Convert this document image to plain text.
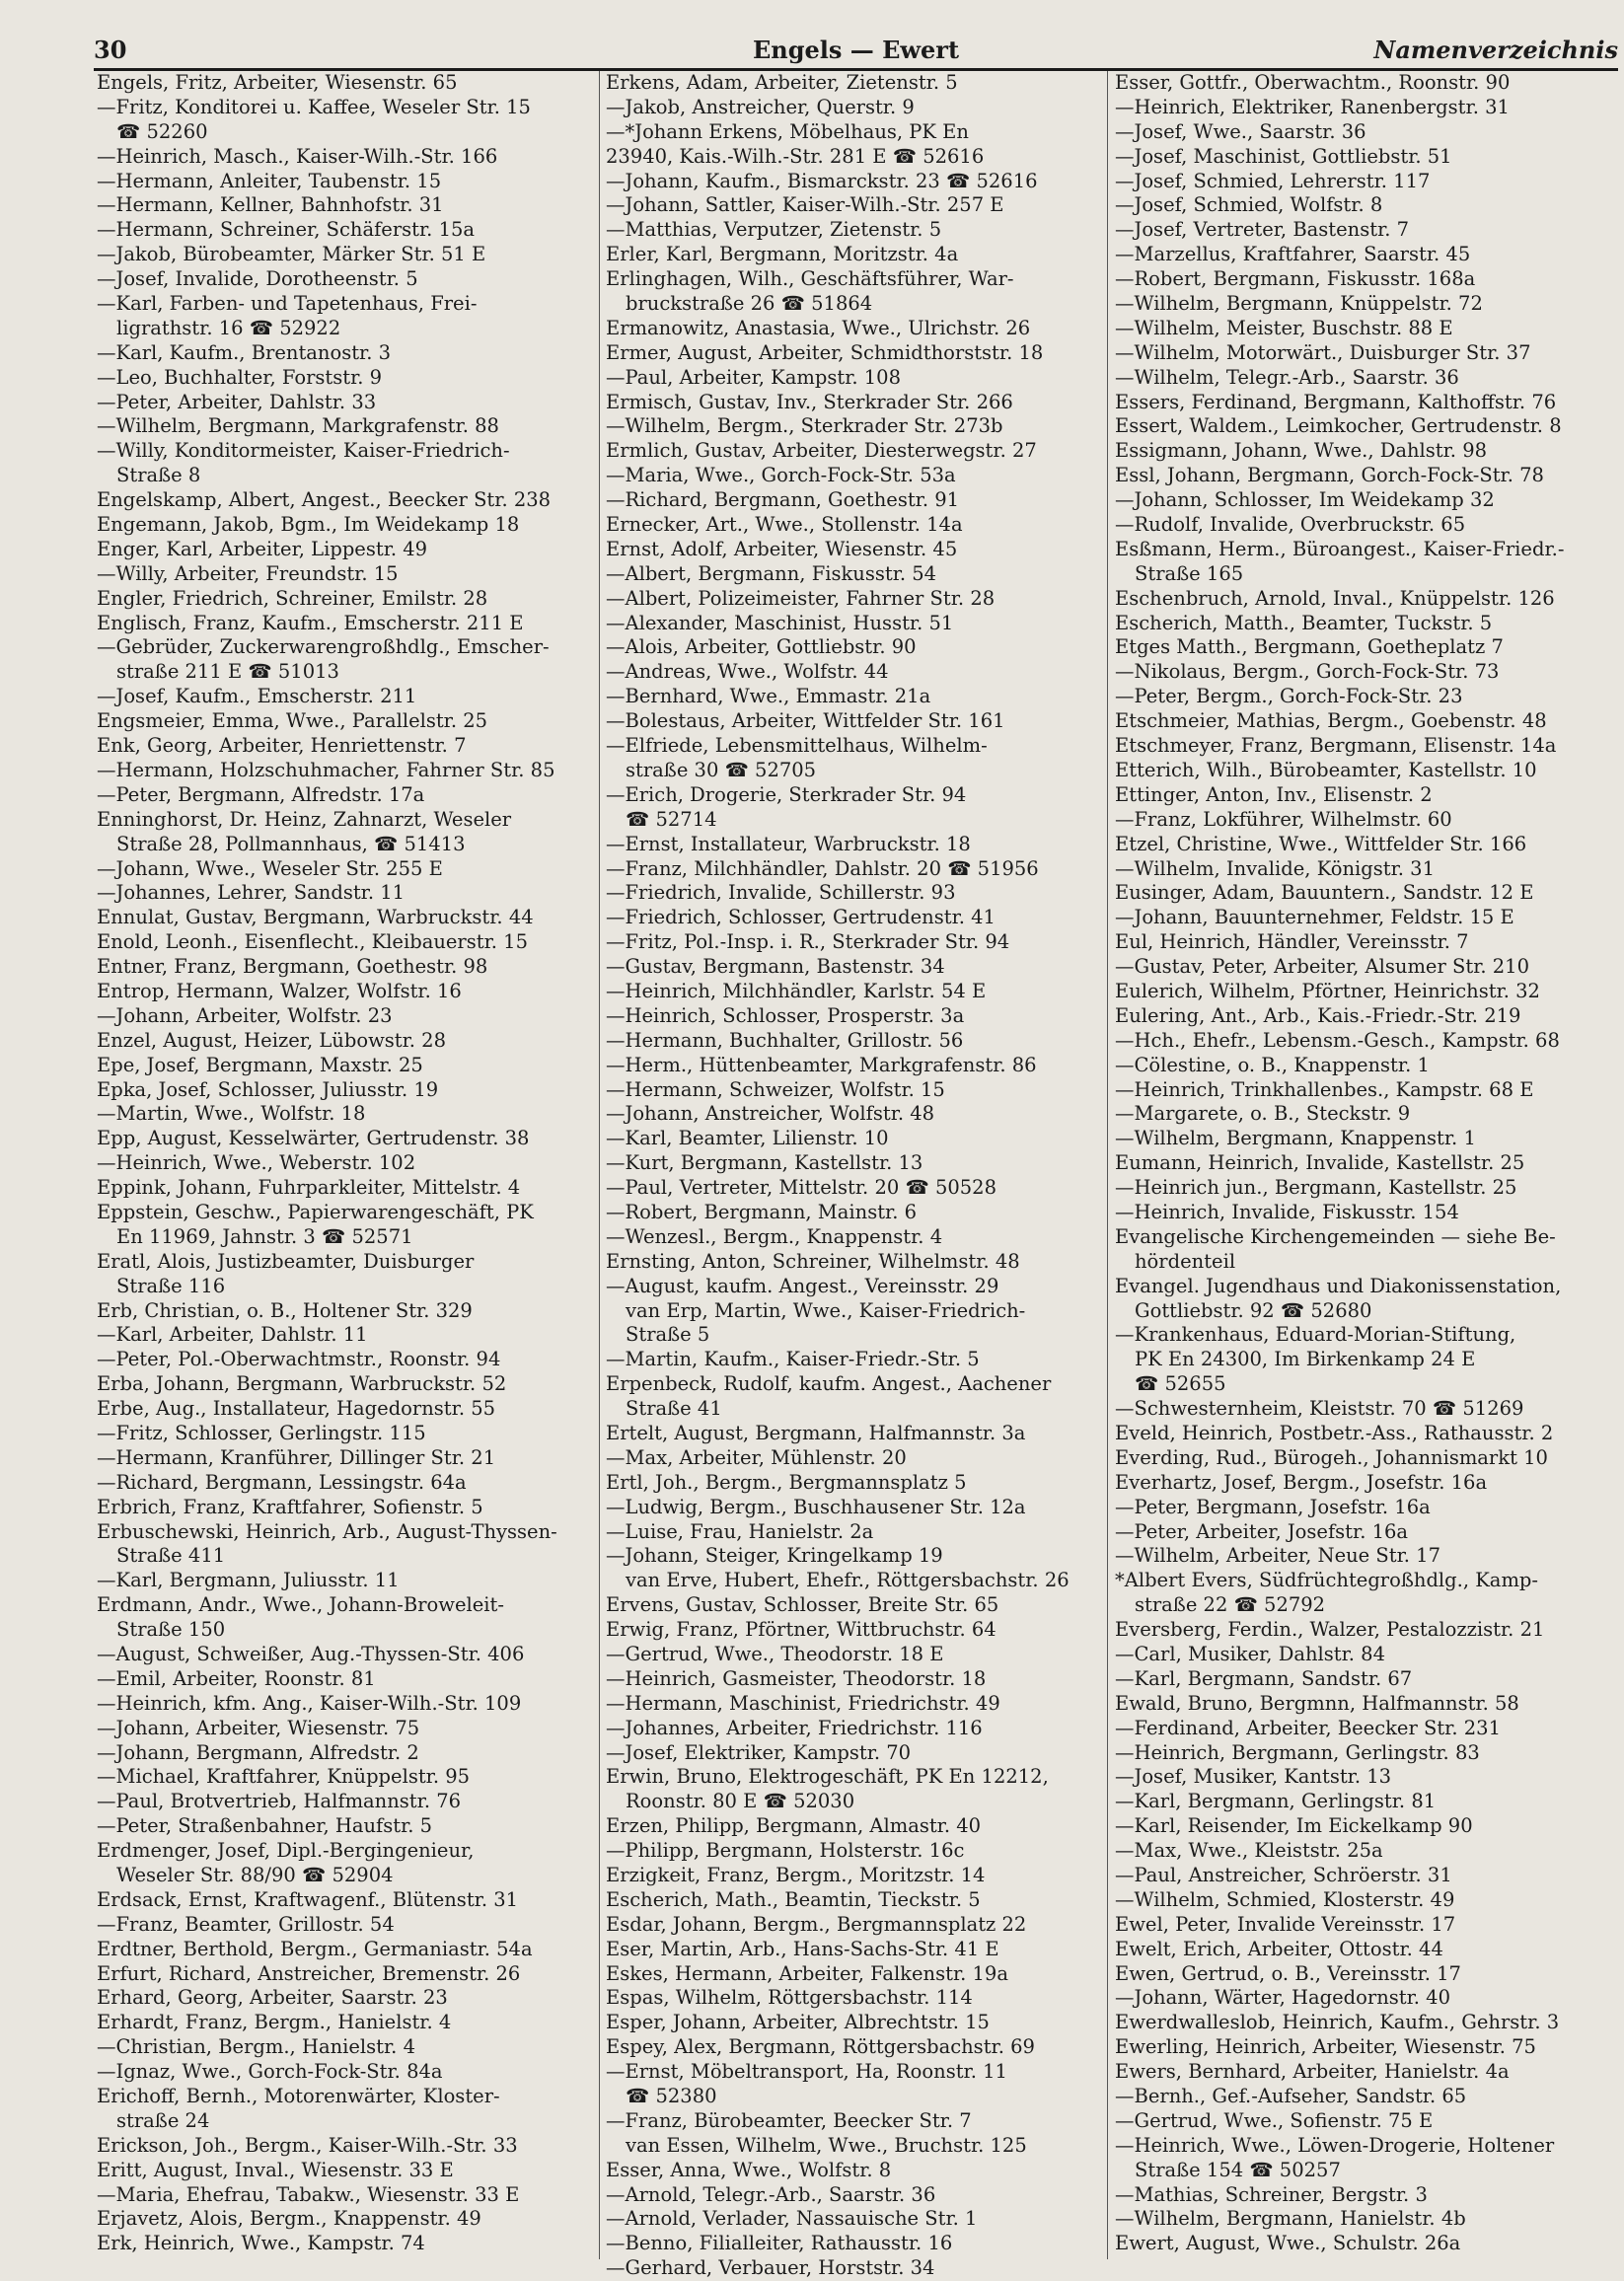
30	Engels — Ewert	Namenverzeichnis
Engels, Fritz, Arbeiter, Wiesenstr. 65
—Fritz, Konditorei u. Kaffee, Weseler Str. 15
☎ 52260
—Heinrich, Masch., Kaiser-Wilh.-Str. 166
—Hermann, Anleiter, Taubenstr. 15
—Hermann, Kellner, Bahnhofstr. 31
—Hermann, Schreiner, Schäferstr. 15a
—Jakob, Bürobeamter, Märker Str. 51 E
—Josef, Invalide, Dorotheenstr. 5
—Karl, Farben- und Tapetenhaus, Frei-
ligrathstr. 16 ☎ 52922
—Karl, Kaufm., Brentanostr. 3
—Leo, Buchhalter, Forststr. 9
—Peter, Arbeiter, Dahlstr. 33
—Wilhelm, Bergmann, Markgrafenstr. 88
—Willy, Konditormeister, Kaiser-Friedrich-
Straße 8
Engelskamp, Albert, Angest., Beecker Str. 238
Engemann, Jakob, Bgm., Im Weidekamp 18
Enger, Karl, Arbeiter, Lippestr. 49
—Willy, Arbeiter, Freundstr. 15
Engler, Friedrich, Schreiner, Emilstr. 28
Englisch, Franz, Kaufm., Emscherstr. 211 E
—Gebrüder, Zuckerwarengroßhdlg., Emscher-
straße 211 E ☎ 51013
—Josef, Kaufm., Emscherstr. 211
Engsmeier, Emma, Wwe., Parallelstr. 25
Enk, Georg, Arbeiter, Henriettenstr. 7
—Hermann, Holzschuhmacher, Fahrner Str. 85
—Peter, Bergmann, Alfredstr. 17a
Enninghorst, Dr. Heinz, Zahnarzt, Weseler
Straße 28, Pollmannhaus, ☎ 51413
—Johann, Wwe., Weseler Str. 255 E
—Johannes, Lehrer, Sandstr. 11
Ennulat, Gustav, Bergmann, Warbruckstr. 44
Enold, Leonh., Eisenflecht., Kleibauerstr. 15
Entner, Franz, Bergmann, Goethestr. 98
Entrop, Hermann, Walzer, Wolfstr. 16
—Johann, Arbeiter, Wolfstr. 23
Enzel, August, Heizer, Lübowstr. 28
Epe, Josef, Bergmann, Maxstr. 25
Epka, Josef, Schlosser, Juliusstr. 19
—Martin, Wwe., Wolfstr. 18
Epp, August, Kesselwärter, Gertrudenstr. 38
—Heinrich, Wwe., Weberstr. 102
Eppink, Johann, Fuhrparkleiter, Mittelstr. 4
Eppstein, Geschw., Papierwarengeschäft, PK
En 11969, Jahnstr. 3 ☎ 52571
Eratl, Alois, Justizbeamter, Duisburger
Straße 116
Erb, Christian, o. B., Holtener Str. 329
—Karl, Arbeiter, Dahlstr. 11
—Peter, Pol.-Oberwachtmstr., Roonstr. 94
Erba, Johann, Bergmann, Warbruckstr. 52
Erbe, Aug., Installateur, Hagedornstr. 55
—Fritz, Schlosser, Gerlingstr. 115
—Hermann, Kranführer, Dillinger Str. 21
—Richard, Bergmann, Lessingstr. 64a
Erbrich, Franz, Kraftfahrer, Sofienstr. 5
Erbuschewski, Heinrich, Arb., August-Thyssen-
Straße 411
—Karl, Bergmann, Juliusstr. 11
Erdmann, Andr., Wwe., Johann-Broweleit-
Straße 150
—August, Schweißer, Aug.-Thyssen-Str. 406
—Emil, Arbeiter, Roonstr. 81
—Heinrich, kfm. Ang., Kaiser-Wilh.-Str. 109
—Johann, Arbeiter, Wiesenstr. 75
—Johann, Bergmann, Alfredstr. 2
—Michael, Kraftfahrer, Knüppelstr. 95
—Paul, Brotvertrieb, Halfmannstr. 76
—Peter, Straßenbahner, Haufstr. 5
Erdmenger, Josef, Dipl.-Bergingenieur,
Weseler Str. 88/90 ☎ 52904
Erdsack, Ernst, Kraftwagenf., Blütenstr. 31
—Franz, Beamter, Grillostr. 54
Erdtner, Berthold, Bergm., Germaniastr. 54a
Erfurt, Richard, Anstreicher, Bremenstr. 26
Erhard, Georg, Arbeiter, Saarstr. 23
Erhardt, Franz, Bergm., Hanielstr. 4
—Christian, Bergm., Hanielstr. 4
—Ignaz, Wwe., Gorch-Fock-Str. 84a
Erichoff, Bernh., Motorenwärter, Kloster-
straße 24
Erickson, Joh., Bergm., Kaiser-Wilh.-Str. 33
Eritt, August, Inval., Wiesenstr. 33 E
—Maria, Ehefrau, Tabakw., Wiesenstr. 33 E
Erjavetz, Alois, Bergm., Knappenstr. 49
Erk, Heinrich, Wwe., Kampstr. 74
Erkens, Adam, Arbeiter, Zietenstr. 5
—Jakob, Anstreicher, Querstr. 9
—*Johann Erkens, Möbelhaus, PK En
23940, Kais.-Wilh.-Str. 281 E ☎ 52616
—Johann, Kaufm., Bismarckstr. 23 ☎ 52616
—Johann, Sattler, Kaiser-Wilh.-Str. 257 E
—Matthias, Verputzer, Zietenstr. 5
Erler, Karl, Bergmann, Moritzstr. 4a
Erlinghagen, Wilh., Geschäftsführer, War-
bruckstraße 26 ☎ 51864
Ermanowitz, Anastasia, Wwe., Ulrichstr. 26
Ermer, August, Arbeiter, Schmidthorststr. 18
—Paul, Arbeiter, Kampstr. 108
Ermisch, Gustav, Inv., Sterkrader Str. 266
—Wilhelm, Bergm., Sterkrader Str. 273b
Ermlich, Gustav, Arbeiter, Diesterwegstr. 27
—Maria, Wwe., Gorch-Fock-Str. 53a
—Richard, Bergmann, Goethestr. 91
Ernecker, Art., Wwe., Stollenstr. 14a
Ernst, Adolf, Arbeiter, Wiesenstr. 45
—Albert, Bergmann, Fiskusstr. 54
—Albert, Polizeimeister, Fahrner Str. 28
—Alexander, Maschinist, Husstr. 51
—Alois, Arbeiter, Gottliebstr. 90
—Andreas, Wwe., Wolfstr. 44
—Bernhard, Wwe., Emmastr. 21a
—Bolestaus, Arbeiter, Wittfelder Str. 161
—Elfriede, Lebensmittelhaus, Wilhelm-
straße 30 ☎ 52705
—Erich, Drogerie, Sterkrader Str. 94
☎ 52714
—Ernst, Installateur, Warbruckstr. 18
—Franz, Milchhändler, Dahlstr. 20 ☎ 51956
—Friedrich, Invalide, Schillerstr. 93
—Friedrich, Schlosser, Gertrudenstr. 41
—Fritz, Pol.-Insp. i. R., Sterkrader Str. 94
—Gustav, Bergmann, Bastenstr. 34
—Heinrich, Milchhändler, Karlstr. 54 E
—Heinrich, Schlosser, Prosperstr. 3a
—Hermann, Buchhalter, Grillostr. 56
—Herm., Hüttenbeamter, Markgrafenstr. 86
—Hermann, Schweizer, Wolfstr. 15
—Johann, Anstreicher, Wolfstr. 48
—Karl, Beamter, Lilienstr. 10
—Kurt, Bergmann, Kastellstr. 13
—Paul, Vertreter, Mittelstr. 20 ☎ 50528
—Robert, Bergmann, Mainstr. 6
—Wenzesl., Bergm., Knappenstr. 4
Ernsting, Anton, Schreiner, Wilhelmstr. 48
—August, kaufm. Angest., Vereinsstr. 29
van Erp, Martin, Wwe., Kaiser-Friedrich-
Straße 5
—Martin, Kaufm., Kaiser-Friedr.-Str. 5
Erpenbeck, Rudolf, kaufm. Angest., Aachener
Straße 41
Ertelt, August, Bergmann, Halfmannstr. 3a
—Max, Arbeiter, Mühlenstr. 20
Ertl, Joh., Bergm., Bergmannsplatz 5
—Ludwig, Bergm., Buschhausener Str. 12a
—Luise, Frau, Hanielstr. 2a
—Johann, Steiger, Kringelkamp 19
van Erve, Hubert, Ehefr., Röttgersbachstr. 26
Ervens, Gustav, Schlosser, Breite Str. 65
Erwig, Franz, Pförtner, Wittbruchstr. 64
—Gertrud, Wwe., Theodorstr. 18 E
—Heinrich, Gasmeister, Theodorstr. 18
—Hermann, Maschinist, Friedrichstr. 49
—Johannes, Arbeiter, Friedrichstr. 116
—Josef, Elektriker, Kampstr. 70
Erwin, Bruno, Elektrogeschäft, PK En 12212,
Roonstr. 80 E ☎ 52030
Erzen, Philipp, Bergmann, Almastr. 40
—Philipp, Bergmann, Holsterstr. 16c
Erzigkeit, Franz, Bergm., Moritzstr. 14
Escherich, Math., Beamtin, Tieckstr. 5
Esdar, Johann, Bergm., Bergmannsplatz 22
Eser, Martin, Arb., Hans-Sachs-Str. 41 E
Eskes, Hermann, Arbeiter, Falkenstr. 19a
Espas, Wilhelm, Röttgersbachstr. 114
Esper, Johann, Arbeiter, Albrechtstr. 15
Espey, Alex, Bergmann, Röttgersbachstr. 69
—Ernst, Möbeltransport, Ha, Roonstr. 11
☎ 52380
—Franz, Bürobeamter, Beecker Str. 7
van Essen, Wilhelm, Wwe., Bruchstr. 125
Esser, Anna, Wwe., Wolfstr. 8
—Arnold, Telegr.-Arb., Saarstr. 36
—Arnold, Verlader, Nassauische Str. 1
—Benno, Filialleiter, Rathausstr. 16
—Gerhard, Verbauer, Horststr. 34
Esser, Gottfr., Oberwachtm., Roonstr. 90
—Heinrich, Elektriker, Ranenbergstr. 31
—Josef, Wwe., Saarstr. 36
—Josef, Maschinist, Gottliebstr. 51
—Josef, Schmied, Lehrerstr. 117
—Josef, Schmied, Wolfstr. 8
—Josef, Vertreter, Bastenstr. 7
—Marzellus, Kraftfahrer, Saarstr. 45
—Robert, Bergmann, Fiskusstr. 168a
—Wilhelm, Bergmann, Knüppelstr. 72
—Wilhelm, Meister, Buschstr. 88 E
—Wilhelm, Motorwärt., Duisburger Str. 37
—Wilhelm, Telegr.-Arb., Saarstr. 36
Essers, Ferdinand, Bergmann, Kalthoffstr. 76
Essert, Waldem., Leimkocher, Gertrudenstr. 8
Essigmann, Johann, Wwe., Dahlstr. 98
Essl, Johann, Bergmann, Gorch-Fock-Str. 78
—Johann, Schlosser, Im Weidekamp 32
—Rudolf, Invalide, Overbruckstr. 65
Esßmann, Herm., Büroangest., Kaiser-Friedr.-
Straße 165
Eschenbruch, Arnold, Inval., Knüppelstr. 126
Escherich, Matth., Beamter, Tuckstr. 5
Etges Matth., Bergmann, Goetheplatz 7
—Nikolaus, Bergm., Gorch-Fock-Str. 73
—Peter, Bergm., Gorch-Fock-Str. 23
Etschmeier, Mathias, Bergm., Goebenstr. 48
Etschmeyer, Franz, Bergmann, Elisenstr. 14a
Etterich, Wilh., Bürobeamter, Kastellstr. 10
Ettinger, Anton, Inv., Elisenstr. 2
—Franz, Lokführer, Wilhelmstr. 60
Etzel, Christine, Wwe., Wittfelder Str. 166
—Wilhelm, Invalide, Königstr. 31
Eusinger, Adam, Bauuntern., Sandstr. 12 E
—Johann, Bauunternehmer, Feldstr. 15 E
Eul, Heinrich, Händler, Vereinsstr. 7
—Gustav, Peter, Arbeiter, Alsumer Str. 210
Eulerich, Wilhelm, Pförtner, Heinrichstr. 32
Eulering, Ant., Arb., Kais.-Friedr.-Str. 219
—Hch., Ehefr., Lebensm.-Gesch., Kampstr. 68
—Cölestine, o. B., Knappenstr. 1
—Heinrich, Trinkhallenbes., Kampstr. 68 E
—Margarete, o. B., Steckstr. 9
—Wilhelm, Bergmann, Knappenstr. 1
Eumann, Heinrich, Invalide, Kastellstr. 25
—Heinrich jun., Bergmann, Kastellstr. 25
—Heinrich, Invalide, Fiskusstr. 154
Evangelische Kirchengemeinden — siehe Be-
hördenteil
Evangel. Jugendhaus und Diakonissenstation,
Gottliebstr. 92 ☎ 52680
—Krankenhaus, Eduard-Morian-Stiftung,
PK En 24300, Im Birkenkamp 24 E
☎ 52655
—Schwesternheim, Kleiststr. 70 ☎ 51269
Eveld, Heinrich, Postbetr.-Ass., Rathausstr. 2
Everding, Rud., Bürogeh., Johannismarkt 10
Everhartz, Josef, Bergm., Josefstr. 16a
—Peter, Bergmann, Josefstr. 16a
—Peter, Arbeiter, Josefstr. 16a
—Wilhelm, Arbeiter, Neue Str. 17
*Albert Evers, Südfrüchtegroßhdlg., Kamp-
straße 22 ☎ 52792
Eversberg, Ferdin., Walzer, Pestalozzistr. 21
—Carl, Musiker, Dahlstr. 84
—Karl, Bergmann, Sandstr. 67
Ewald, Bruno, Bergmnn, Halfmannstr. 58
—Ferdinand, Arbeiter, Beecker Str. 231
—Heinrich, Bergmann, Gerlingstr. 83
—Josef, Musiker, Kantstr. 13
—Karl, Bergmann, Gerlingstr. 81
—Karl, Reisender, Im Eickelkamp 90
—Max, Wwe., Kleiststr. 25a
—Paul, Anstreicher, Schröerstr. 31
—Wilhelm, Schmied, Klosterstr. 49
Ewel, Peter, Invalide Vereinsstr. 17
Ewelt, Erich, Arbeiter, Ottostr. 44
Ewen, Gertrud, o. B., Vereinsstr. 17
—Johann, Wärter, Hagedornstr. 40
Ewerdwalleslob, Heinrich, Kaufm., Gehrstr. 3
Ewerling, Heinrich, Arbeiter, Wiesenstr. 75
Ewers, Bernhard, Arbeiter, Hanielstr. 4a
—Bernh., Gef.-Aufseher, Sandstr. 65
—Gertrud, Wwe., Sofienstr. 75 E
—Heinrich, Wwe., Löwen-Drogerie, Holtener
Straße 154 ☎ 50257
—Mathias, Schreiner, Bergstr. 3
—Wilhelm, Bergmann, Hanielstr. 4b
Ewert, August, Wwe., Schulstr. 26a
